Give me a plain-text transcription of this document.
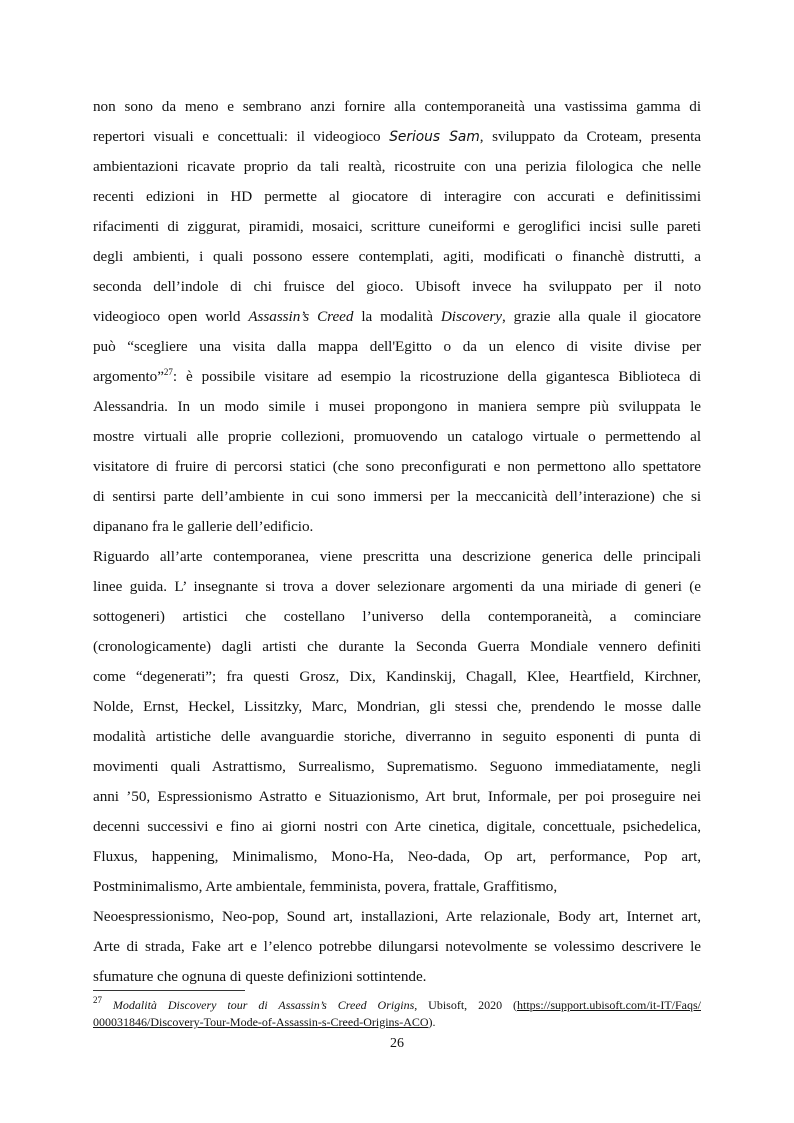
non sono da meno e sembrano anzi fornire alla contemporaneità una vastissima gamma di
repertori visuali e concettuali: il videogioco Serious Sam, sviluppato da Croteam, presenta
ambientazioni ricavate proprio da tali realtà, ricostruite con una perizia filologica che nelle
recenti edizioni in HD permette al giocatore di interagire con accurati e definitissimi
rifacimenti di ziggurat, piramidi, mosaici, scritture cuneiformi e geroglifici incisi sulle pareti
degli ambienti, i quali possono essere contemplati, agiti, modificati o financhè distrutti, a
seconda dell’indole di chi fruisce del gioco. Ubisoft invece ha sviluppato per il noto
videogioco open world Assassin’s Creed la modalità Discovery, grazie alla quale il giocatore
può “scegliere una visita dalla mappa dell'Egitto o da un elenco di visite divise per
argomento”$^{27}$: è possibile visitare ad esempio la ricostruzione della gigantesca Biblioteca di
Alessandria. In un modo simile i musei propongono in maniera sempre più sviluppata le
mostre virtuali alle proprie collezioni, promuovendo un catalogo virtuale o permettendo al
visitatore di fruire di percorsi statici (che sono preconfigurati e non permettono allo spettatore
di sentirsi parte dell’ambiente in cui sono immersi per la meccanicità dell’interazione) che si
dipanano fra le gallerie dell’edificio.
Riguardo all’arte contemporanea, viene prescritta una descrizione generica delle principali
linee guida. L’ insegnante si trova a dover selezionare argomenti da una miriade di generi (e
sottogeneri) artistici che costellano l’universo della contemporaneità, a cominciare
(cronologicamente) dagli artisti che durante la Seconda Guerra Mondiale vennero definiti
come “degenerati”; fra questi Grosz, Dix, Kandinskij, Chagall, Klee, Heartfield, Kirchner,
Nolde, Ernst, Heckel, Lissitzky, Marc, Mondrian, gli stessi che, prendendo le mosse dalle
modalità artistiche delle avanguardie storiche, diverranno in seguito esponenti di punta di
movimenti quali Astrattismo, Surrealismo, Suprematismo. Seguono immediatamente, negli
anni ’50, Espressionismo Astratto e Situazionismo, Art brut, Informale, per poi proseguire nei
decenni successivi e fino ai giorni nostri con Arte cinetica, digitale, concettuale, psichedelica,
Fluxus, happening, Minimalismo, Mono-Ha, Neo-dada, Op art, performance, Pop art,
Postminimalismo, Arte ambientale, femminista, povera, frattale, Graffitismo,
Neoespressionismo, Neo-pop, Sound art, installazioni, Arte relazionale, Body art, Internet art,
Arte di strada, Fake art e l’elenco potrebbe dilungarsi notevolmente se volessimo descrivere le
sfumature che ognuna di queste definizioni sottintende.
$^{27}$ Modalità Discovery tour di Assassin’s Creed Origins, Ubisoft, 2020 (https://support.ubisoft.com/it-IT/Faqs/
000031846/Discovery-Tour-Mode-of-Assassin-s-Creed-Origins-ACO).
26
